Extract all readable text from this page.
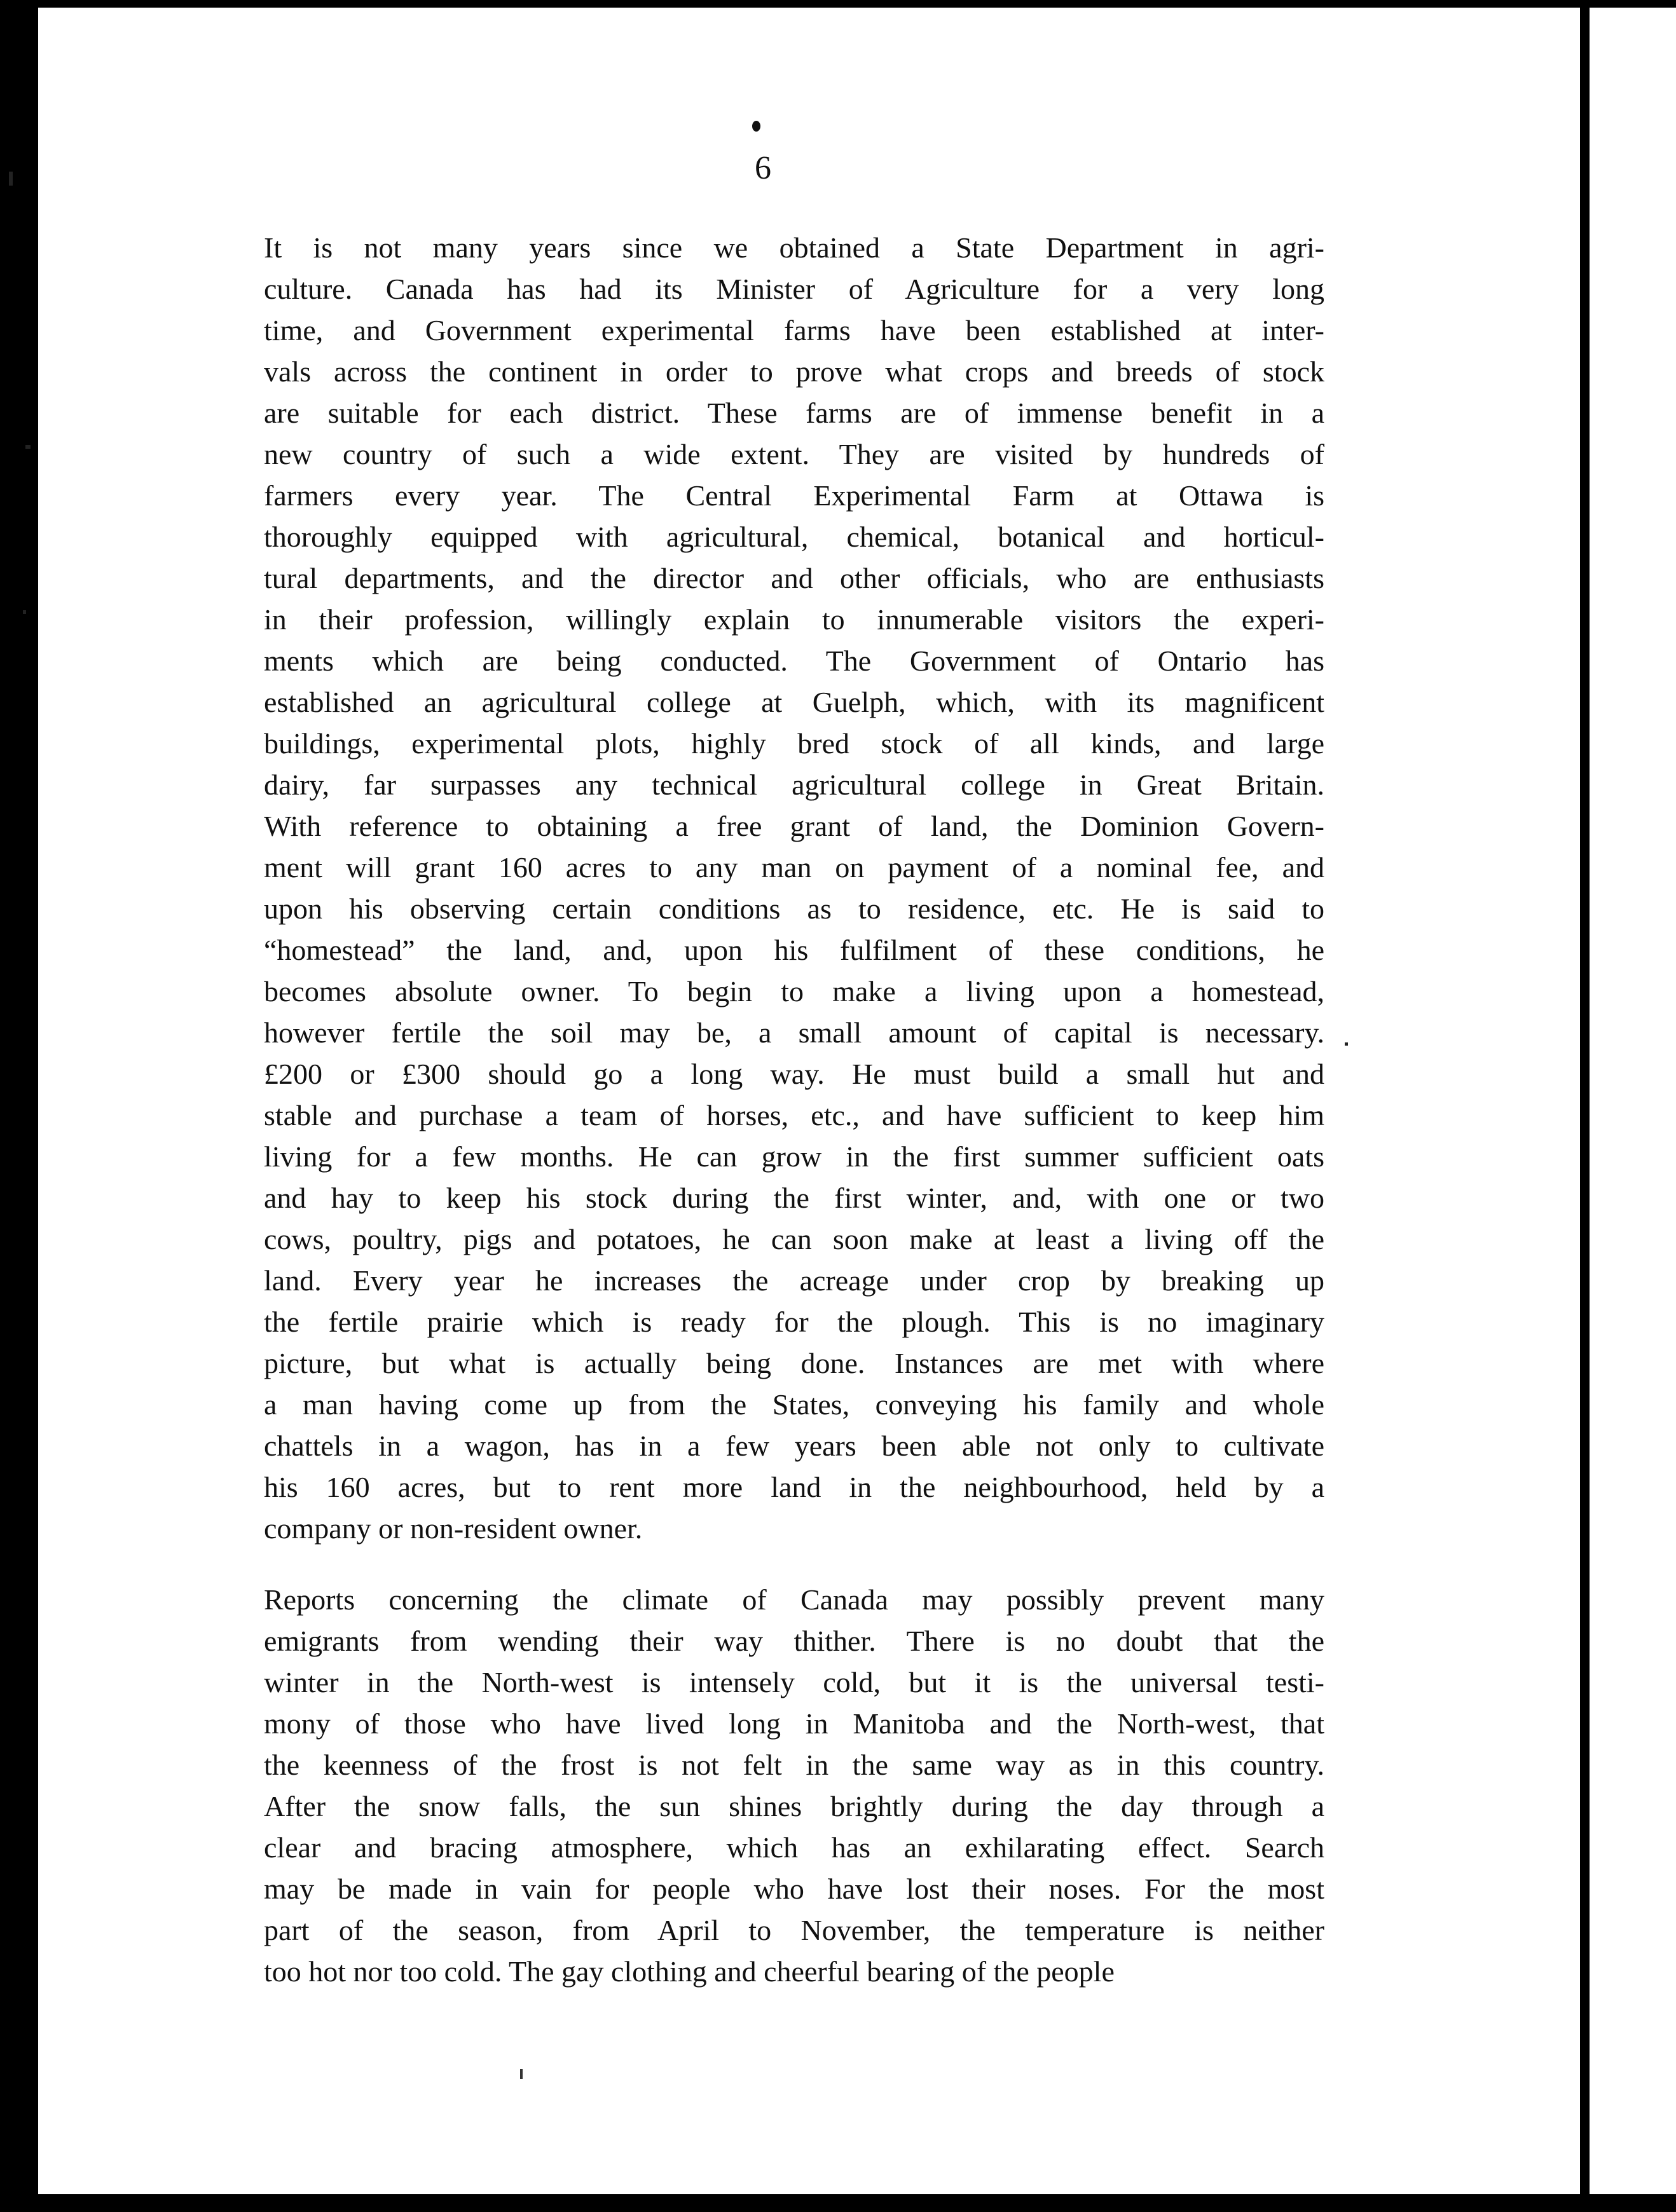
6
It is not many years since we obtained a State Department in agri-
culture. Canada has had its Minister of Agriculture for a very long
time, and Government experimental farms have been established at inter-
vals across the continent in order to prove what crops and breeds of stock
are suitable for each district. These farms are of immense benefit in a
new country of such a wide extent. They are visited by hundreds of
farmers every year. The Central Experimental Farm at Ottawa is
thoroughly equipped with agricultural, chemical, botanical and horticul-
tural departments, and the director and other officials, who are enthusiasts
in their profession, willingly explain to innumerable visitors the experi-
ments which are being conducted. The Government of Ontario has
established an agricultural college at Guelph, which, with its magnificent
buildings, experimental plots, highly bred stock of all kinds, and large
dairy, far surpasses any technical agricultural college in Great Britain.
With reference to obtaining a free grant of land, the Dominion Govern-
ment will grant 160 acres to any man on payment of a nominal fee, and
upon his observing certain conditions as to residence, etc. He is said to
“homestead” the land, and, upon his fulfilment of these conditions, he
becomes absolute owner. To begin to make a living upon a homestead,
however fertile the soil may be, a small amount of capital is necessary.
£200 or £300 should go a long way. He must build a small hut and
stable and purchase a team of horses, etc., and have sufficient to keep him
living for a few months. He can grow in the first summer sufficient oats
and hay to keep his stock during the first winter, and, with one or two
cows, poultry, pigs and potatoes, he can soon make at least a living off the
land. Every year he increases the acreage under crop by breaking up
the fertile prairie which is ready for the plough. This is no imaginary
picture, but what is actually being done. Instances are met with where
a man having come up from the States, conveying his family and whole
chattels in a wagon, has in a few years been able not only to cultivate
his 160 acres, but to rent more land in the neighbourhood, held by a
company or non-resident owner.
Reports concerning the climate of Canada may possibly prevent many
emigrants from wending their way thither. There is no doubt that the
winter in the North-west is intensely cold, but it is the universal testi-
mony of those who have lived long in Manitoba and the North-west, that
the keenness of the frost is not felt in the same way as in this country.
After the snow falls, the sun shines brightly during the day through a
clear and bracing atmosphere, which has an exhilarating effect. Search
may be made in vain for people who have lost their noses. For the most
part of the season, from April to November, the temperature is neither
too hot nor too cold. The gay clothing and cheerful bearing of the people
